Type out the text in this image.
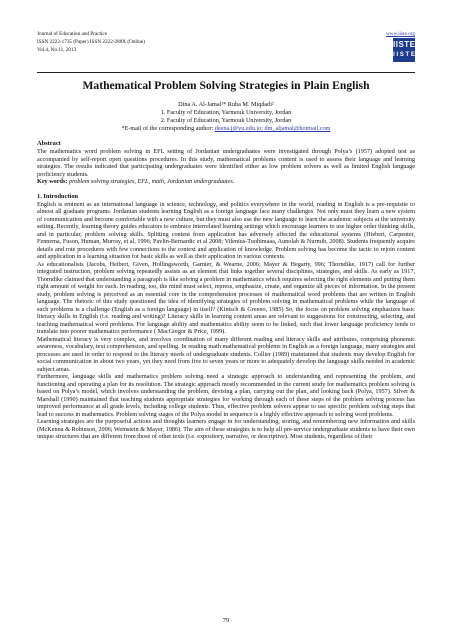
Journal of Education and Practice
ISSN 2222-1735 (Paper) ISSN 2222-288X (Online)
Vol.4, No.11, 2013
www.iiste.org
IISTE
I I S T E
Mathematical Problem Solving Strategies in Plain English
Dina A. Al-Jamal¹* Ruba M. Miqdadi²
1. Faculty of Education, Yarmouk University, Jordan
2. Faculty of Education, Yarmouk University, Jordan
*E-mail of the corresponding author: deena.j@yu.edu.jo; dm_aljamal@hotmail.com
Abstract

The mathematics word problem solving in EFL setting of Jordanian undergraduates were investigated through Polya’s (1957) adopted test as accompanied by self-report open questions procedures. In this study, mathematical problems content is used to assess their language and learning strategies. The results indicated that participating undergraduates were identified either as low problem solvers as well as limited English language proficiency students.

Key words: problem solving strategies, EFL, math, Jordanian undergraduates.
1. Introduction

English is eminent as an international language in science, technology, and politics everywhere in the world, reading in English is a pre-requisite to almost all graduate programs. Jordanian students learning English as a foreign language face many challenges. Not only must they learn a new system of communication and become comfortable with a new culture, but they must also use the new language to learn the academic subjects at the university setting. Recently, learning theory guides educators to embrace interrelated learning settings which encourage learners to use higher order thinking skills, and in particular, problem solving skills. Splitting content from application has adversely affected the educational systems (Hiebert, Carpenter, Fennema, Fuson, Human, Murray, et al, 1996; Pavlin-Bernardic et al 2008; Vilenius-Tuohimaaa, Aunolab & Nurmib, 2008). Students frequently acquire details and rote procedures with few connections to the context and application of knowledge. Problem solving has become the tactic to rejoin content and application in a learning situation for basic skills as well as their application in various contexts.

As educationalists (Jacobs, Heibert, Given, Hollingsworth, Garnier, & Wearne, 2006; Mayer & Hegarty, 996; Thorndike, 1917) call for further integrated instruction, problem solving repeatedly assists as an element that links together several disciplines, strategies, and skills. As early as 1917, Thorndike claimed that understanding a paragraph is like solving a problem in mathematics which requires selecting the right elements and putting them right amount of weight for each. In reading, too, the mind must select, repress, emphasize, create, and organize all pieces of information. In the present study, problem solving is perceived as an essential core in the comprehension processes of mathematical word problems that are written in English language. The rhetoric of this study questioned the idea of identifying strategies of problem solving in mathematical problems while the language of such problems is a challenge (English as a foreign language) in itself? (Kintsch & Greeno, 1985) So, the focus on problem solving emphasizes basic literacy skills in English (i.e. reading and writing)? Literacy skills in learning content areas are relevant to suggestions for constructing, selecting, and teaching mathematical word problems. For language ability and mathematics ability seem to be linked, such that lower language proficiency tends to translate into poorer mathematics performance ( MacGregor & Price, 1999).

Mathematical literacy is very complex, and involves coordination of many different reading and literacy skills and attributes, comprising phonemic awareness, vocabulary, text comprehension, and spelling. In reading math mathematical problems in English as a foreign language, many strategies and processes are used in order to respond to the literacy needs of undergraduate students. Collier (1989) maintained that students may develop English for social communication in about two years, yet they need from five to seven years or more to adequately develop the language skills needed in academic subject areas.

Furthermore, language skills and mathematics problem solving need a strategic approach to understanding and representing the problem, and functioning and operating a plan for its resolution. The strategic approach mostly recommended in the current study for mathematics problem solving is based on Polya’s model, which involves understanding the problem, devising a plan, carrying out the plan, and looking back (Polya, 1957). Silver & Marshall (1990) maintained that teaching students appropriate strategies for working through each of these steps of the problem solving process has improved performance at all grade levels, including college students. Thus, effective problem solvers appear to use specific problem solving steps that lead to success in mathematics. Problem solving stages of the Polya model in sequence is a highly effective approach to solving word problems.

Learning strategies are the purposeful actions and thoughts learners engage in for understanding, storing, and remembering new information and skills (McKenna & Robinson, 2006; Weinstein & Mayer, 1986). The aim of these strategies is to help all pre-service undergraduate students to have their own unique structures that are different from those of other texts (i.e. expository, narrative, or descriptive). Most students, regardless of their

79
